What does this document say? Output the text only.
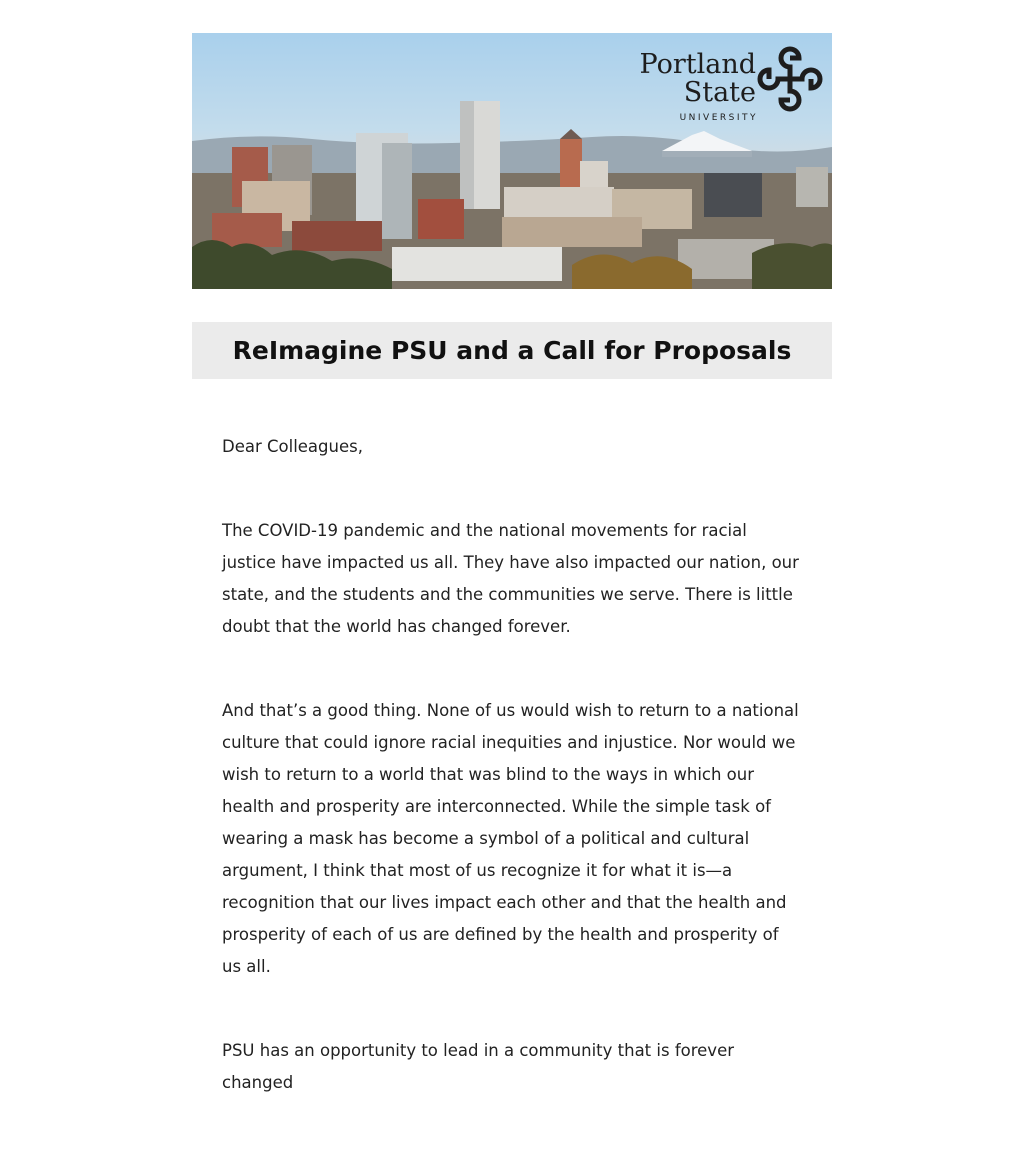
Portland
State
UNIVERSITY
ReImagine PSU and a Call for Proposals

Dear Colleagues,

The COVID-19 pandemic and the national movements for racial justice have impacted us all. They have also impacted our nation, our state, and the students and the communities we serve. There is little doubt that the world has changed forever.

And that’s a good thing. None of us would wish to return to a national culture that could ignore racial inequities and injustice. Nor would we wish to return to a world that was blind to the ways in which our health and prosperity are interconnected. While the simple task of wearing a mask has become a symbol of a political and cultural argument, I think that most of us recognize it for what it is—a recognition that our lives impact each other and that the health and prosperity of each of us are defined by the health and prosperity of us all.

PSU has an opportunity to lead in a community that is forever changed
